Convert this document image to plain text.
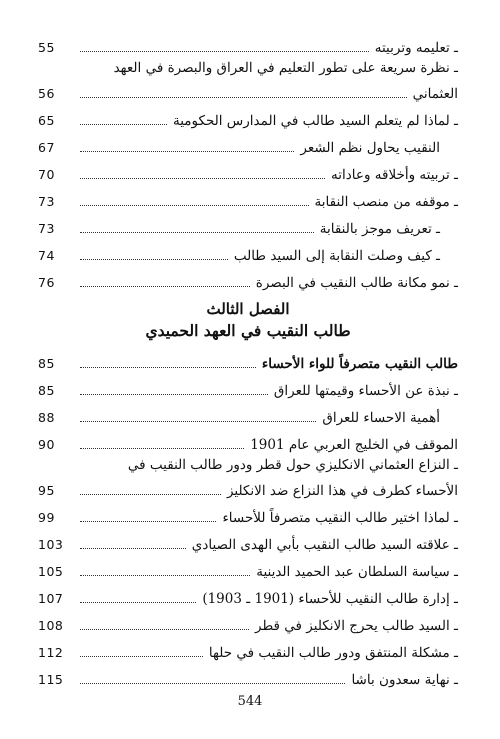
ـ تعليمه وتربيته
55
ـ نظرة سريعة على تطور التعليم في العراق والبصرة في العهد
العثماني
56
ـ لماذا لم يتعلم السيد طالب في المدارس الحكومية
65
النقيب يحاول نظم الشعر
67
ـ تربيته وأخلاقه وعاداته
70
ـ موقفه من منصب النقابة
73
ـ تعريف موجز بالنقابة
73
ـ كيف وصلت النقابة إلى السيد طالب
74
ـ نمو مكانة طالب النقيب في البصرة
76
الفصل الثالث
طالب النقيب في العهد الحميدي
طالب النقيب متصرفاً للواء الأحساء
85
ـ نبذة عن الأحساء وقيمتها للعراق
85
أهمية الاحساء للعراق
88
الموقف في الخليج العربي عام 1901
90
ـ النزاع العثماني الانكليزي حول قطر ودور طالب النقيب في
الأحساء كطرف في هذا النزاع ضد الانكليز
95
ـ لماذا اختير طالب النقيب متصرفاً للأحساء
99
ـ علاقته السيد طالب النقيب بأبي الهدى الصيادي
103
ـ سياسة السلطان عبد الحميد الدينية
105
ـ إدارة طالب النقيب للأحساء (1901 ـ 1903)
107
ـ السيد طالب يحرج الانكليز في قطر
108
ـ مشكلة المنتفق ودور طالب النقيب في حلها
112
ـ نهاية سعدون باشا
115
544
